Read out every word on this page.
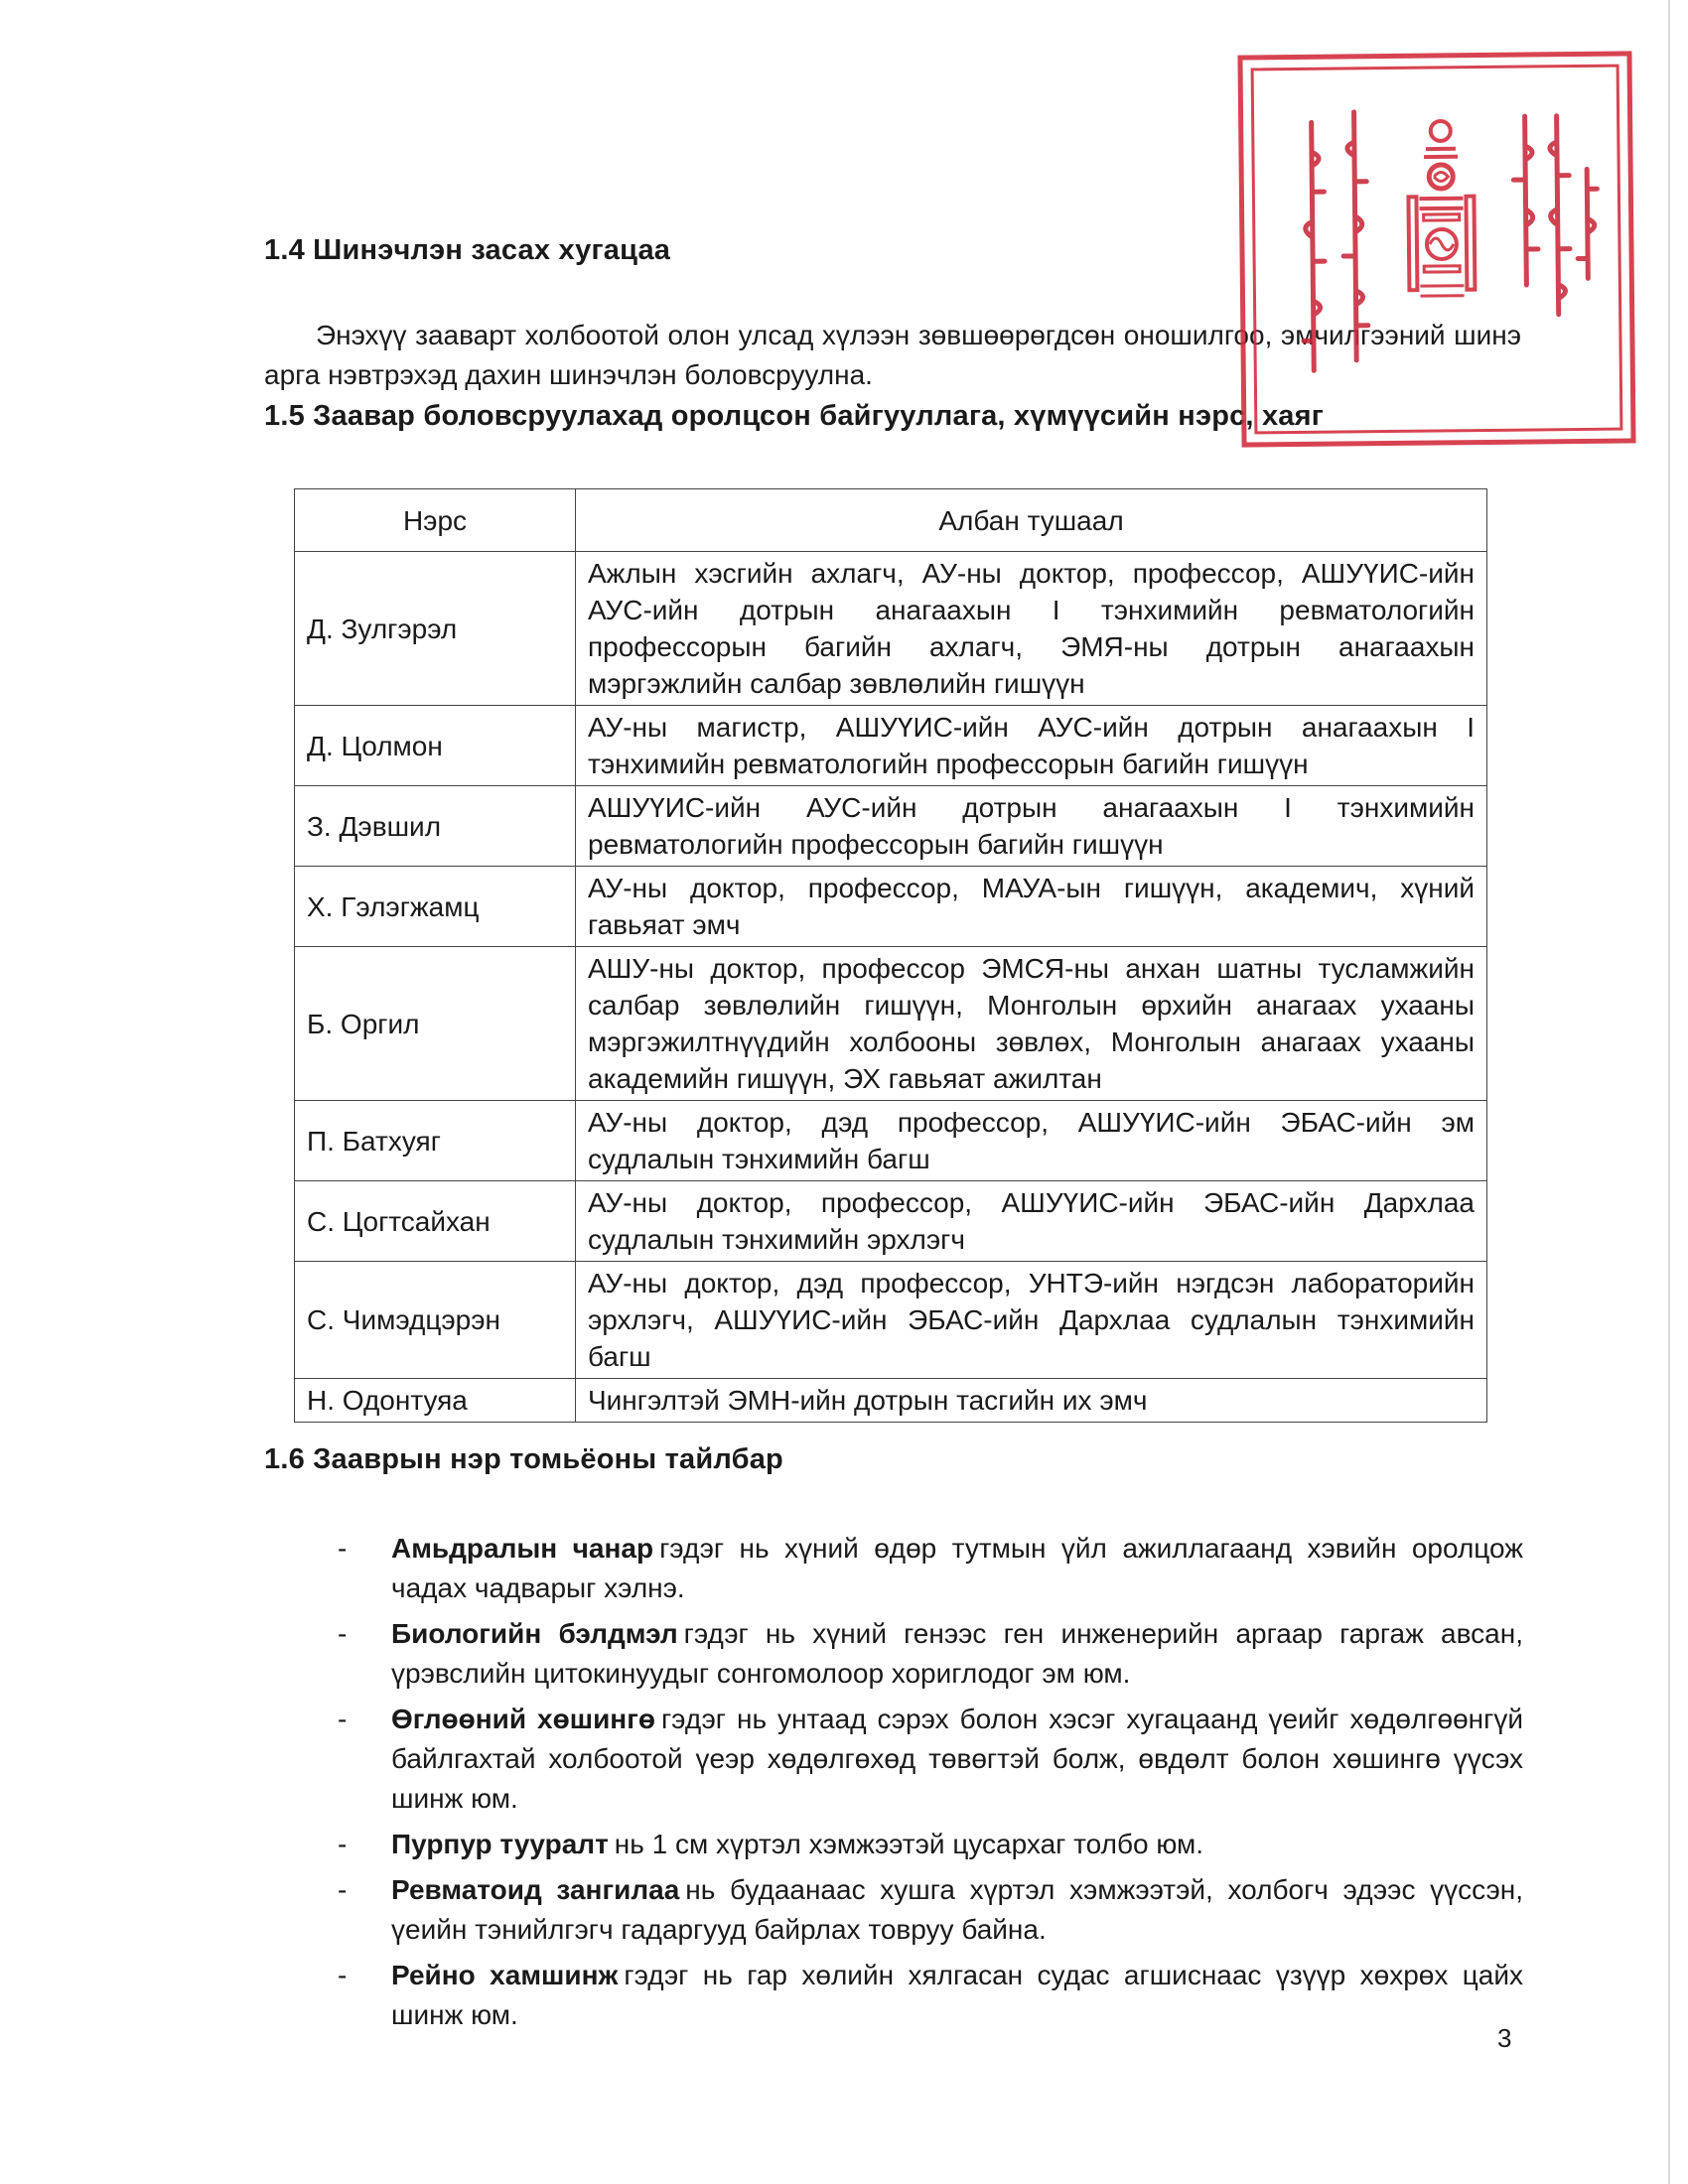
1.4 Шинэчлэн засах хугацаа
Энэхүү зааварт холбоотой олон улсад хүлээн зөвшөөрөгдсөн оношилгоо, эмчилгээний шинэ арга нэвтрэхэд дахин шинэчлэн боловсруулна.
1.5 Заавар боловсруулахад оролцсон байгууллага, хүмүүсийн нэрс, хаяг
Нэрс	Албан тушаал
Д. Зулгэрэл	Ажлын хэсгийн ахлагч, АУ-ны доктор, профессор, АШУҮИС-ийн АУС-ийн дотрын анагаахын I тэнхимийн ревматологийн профессорын багийн ахлагч, ЭМЯ-ны дотрын анагаахын мэргэжлийн салбар зөвлөлийн гишүүн
Д. Цолмон	АУ-ны магистр, АШУҮИС-ийн АУС-ийн дотрын анагаахын I тэнхимийн ревматологийн профессорын багийн гишүүн
З. Дэвшил	АШУҮИС-ийн АУС-ийн дотрын анагаахын I тэнхимийн ревматологийн профессорын багийн гишүүн
Х. Гэлэгжамц	АУ-ны доктор, профессор, МАУА-ын гишүүн, академич, хүний гавьяат эмч
Б. Оргил	АШУ-ны доктор, профессор ЭМСЯ-ны анхан шатны тусламжийн салбар зөвлөлийн гишүүн, Монголын өрхийн анагаах ухааны мэргэжилтнүүдийн холбооны зөвлөх, Монголын анагаах ухааны академийн гишүүн, ЭХ гавьяат ажилтан
П. Батхуяг	АУ-ны доктор, дэд профессор, АШУҮИС-ийн ЭБАС-ийн эм судлалын тэнхимийн багш
С. Цогтсайхан	АУ-ны доктор, профессор, АШУҮИС-ийн ЭБАС-ийн Дархлаа судлалын тэнхимийн эрхлэгч
С. Чимэдцэрэн	АУ-ны доктор, дэд профессор, УНТЭ-ийн нэгдсэн лабораторийн эрхлэгч, АШУҮИС-ийн ЭБАС-ийн Дархлаа судлалын тэнхимийн багш
Н. Одонтуяа	Чингэлтэй ЭМН-ийн дотрын тасгийн их эмч
1.6 Зааврын нэр томьёоны тайлбар
- Амьдралын чанар гэдэг нь хүний өдөр тутмын үйл ажиллагаанд хэвийн оролцож чадах чадварыг хэлнэ.
- Биологийн бэлдмэл гэдэг нь хүний генээс ген инженерийн аргаар гаргаж авсан, үрэвслийн цитокинуудыг сонгомолоор хориглодог эм юм.
- Өглөөний хөшингө гэдэг нь унтаад сэрэх болон хэсэг хугацаанд үеийг хөдөлгөөнгүй байлгахтай холбоотой үеэр хөдөлгөхөд төвөгтэй болж, өвдөлт болон хөшингө үүсэх шинж юм.
- Пурпур тууралт нь 1 см хүртэл хэмжээтэй цусархаг толбо юм.
- Ревматоид зангилаа нь будаанаас хушга хүртэл хэмжээтэй, холбогч эдээс үүссэн, үеийн тэнийлгэгч гадаргууд байрлах товруу байна.
- Рейно хамшинж гэдэг нь гар хөлийн хялгасан судас агшиснаас үзүүр хөхрөх цайх шинж юм.
3
